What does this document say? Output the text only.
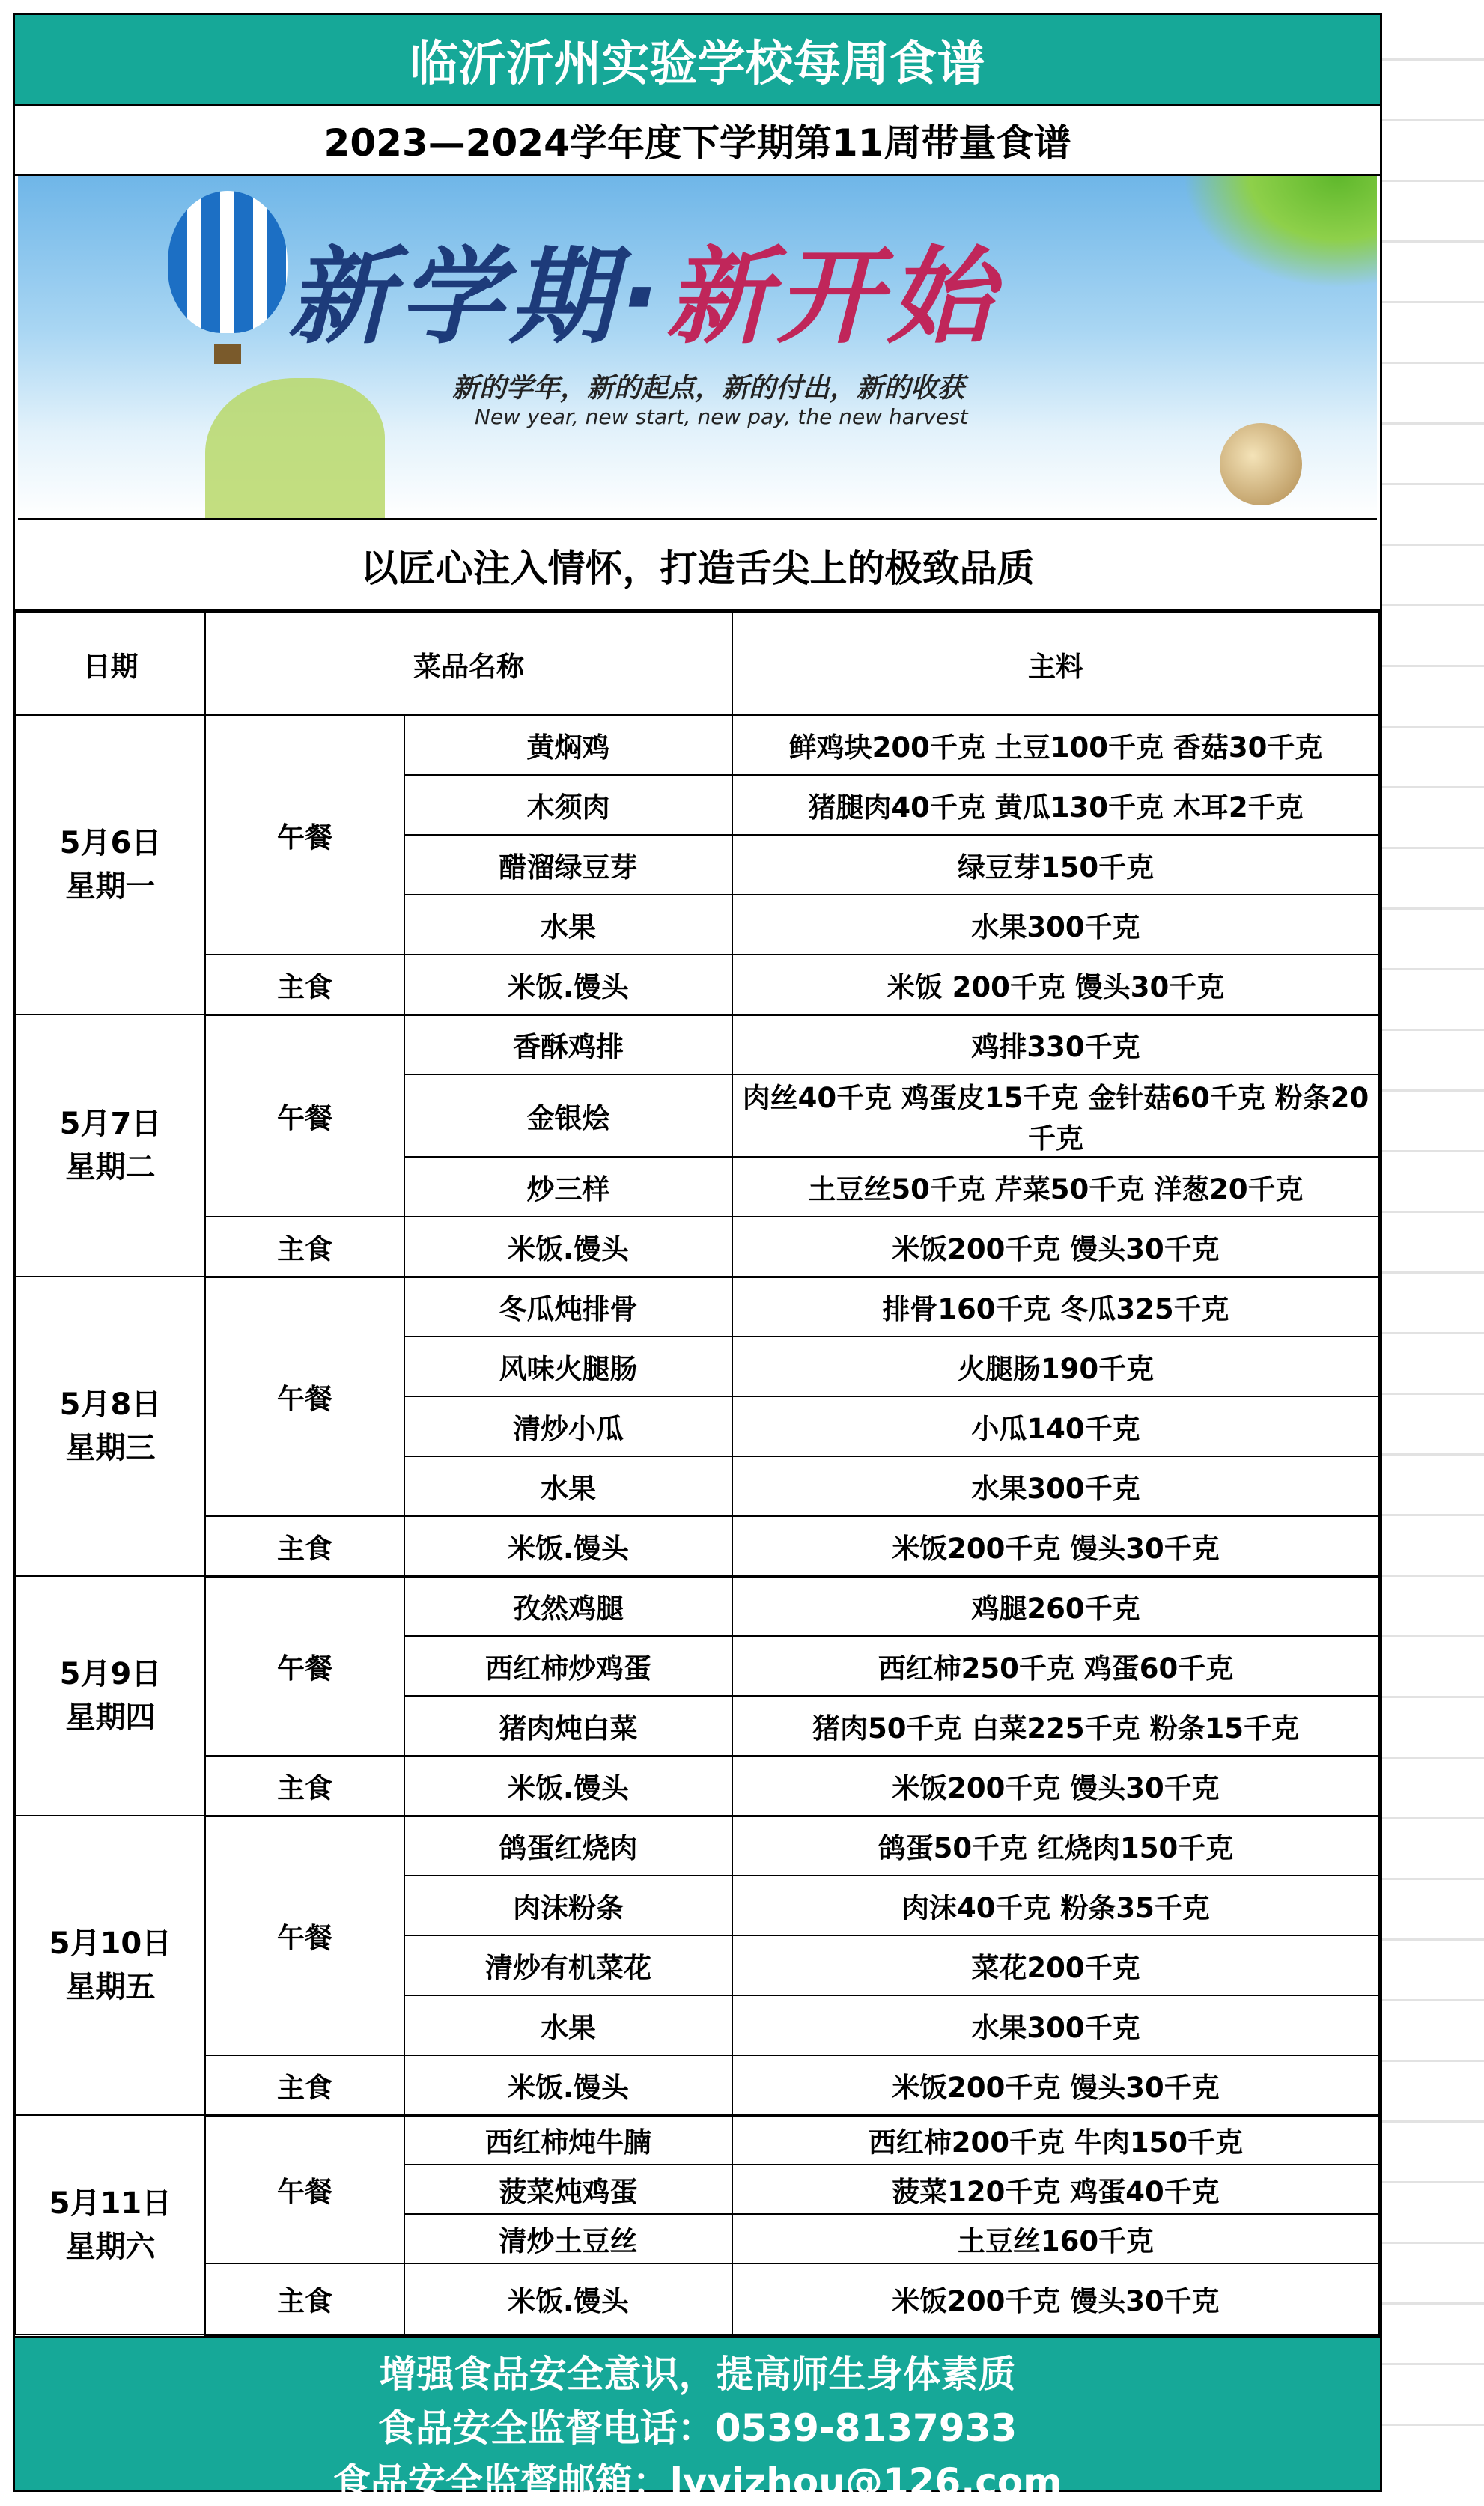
临沂沂州实验学校每周食谱
2023—2024学年度下学期第11周带量食谱
新学期·新开始
新的学年，新的起点，新的付出，新的收获
New year, new start, new pay, the new harvest
以匠心注入情怀，打造舌尖上的极致品质
日期	菜品名称		主料

5月6日
星期一	午餐	黄焖鸡	鲜鸡块200千克 土豆100千克 香菇30千克
		木须肉	猪腿肉40千克 黄瓜130千克 木耳2千克
		醋溜绿豆芽	绿豆芽150千克
		水果	水果300千克
	主食	米饭.馒头	米饭 200千克 馒头30千克

5月7日
星期二	午餐	香酥鸡排	鸡排330千克
		金银烩	肉丝40千克 鸡蛋皮15千克 金针菇60千克 粉条20千克
		炒三样	土豆丝50千克 芹菜50千克 洋葱20千克
	主食	米饭.馒头	米饭200千克 馒头30千克

5月8日
星期三	午餐	冬瓜炖排骨	排骨160千克 冬瓜325千克
		风味火腿肠	火腿肠190千克
		清炒小瓜	小瓜140千克
		水果	水果300千克
	主食	米饭.馒头	米饭200千克 馒头30千克

5月9日
星期四	午餐	孜然鸡腿	鸡腿260千克
		西红柿炒鸡蛋	西红柿250千克 鸡蛋60千克
		猪肉炖白菜	猪肉50千克 白菜225千克 粉条15千克
	主食	米饭.馒头	米饭200千克 馒头30千克

5月10日
星期五	午餐	鸽蛋红烧肉	鸽蛋50千克 红烧肉150千克
		肉沫粉条	肉沫40千克 粉条35千克
		清炒有机菜花	菜花200千克
		水果	水果300千克
	主食	米饭.馒头	米饭200千克 馒头30千克

5月11日
星期六	午餐	西红柿炖牛腩	西红柿200千克 牛肉150千克
		菠菜炖鸡蛋	菠菜120千克 鸡蛋40千克
		清炒土豆丝	土豆丝160千克
	主食	米饭.馒头	米饭200千克 馒头30千克
增强食品安全意识，提高师生身体素质
食品安全监督电话：0539-8137933
食品安全监督邮箱：lyyizhou@126.com
